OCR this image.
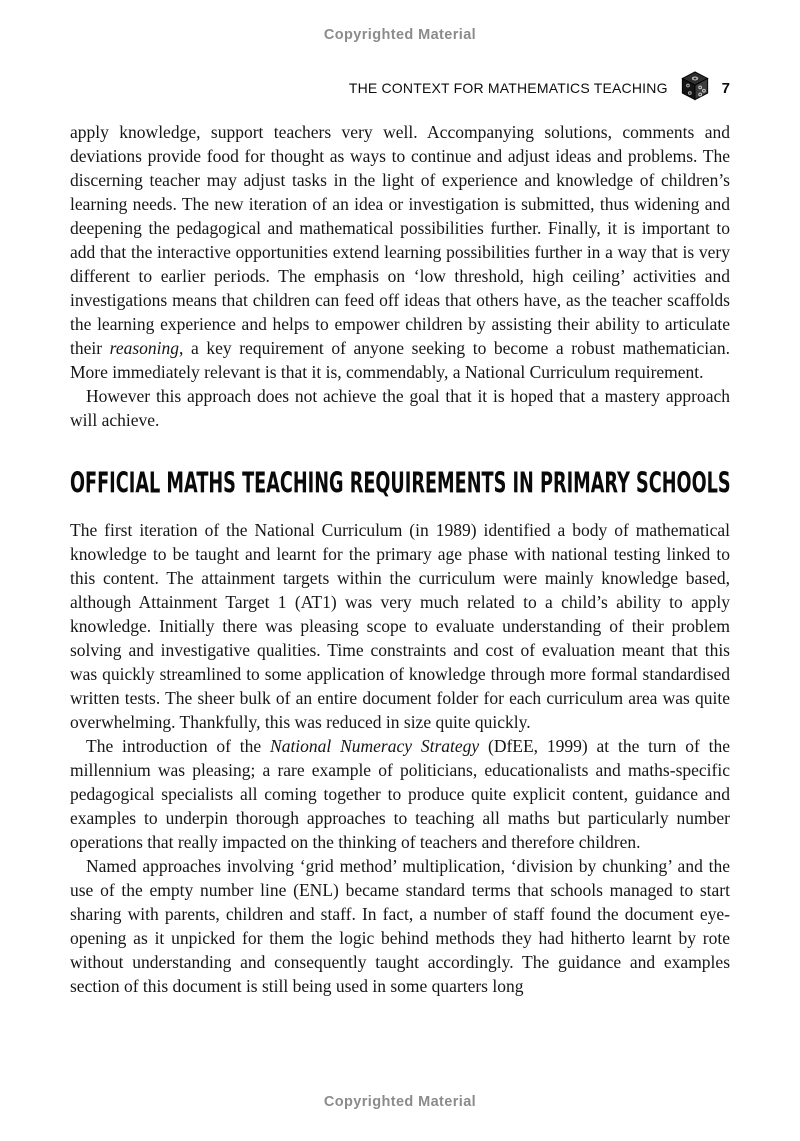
Copyrighted Material
THE CONTEXT FOR MATHEMATICS TEACHING	7

apply knowledge, support teachers very well. Accompanying solutions, comments and deviations provide food for thought as ways to continue and adjust ideas and problems. The discerning teacher may adjust tasks in the light of experience and knowledge of children’s learning needs. The new iteration of an idea or investigation is submitted, thus widening and deepening the pedagogical and mathematical possibilities further. Finally, it is important to add that the interactive opportunities extend learning possibilities further in a way that is very different to earlier periods. The emphasis on ‘low threshold, high ceiling’ activities and investigations means that children can feed off ideas that others have, as the teacher scaffolds the learning experience and helps to empower children by assisting their ability to articulate their reasoning, a key requirement of anyone seeking to become a robust mathematician. More immediately relevant is that it is, commendably, a National Curriculum requirement.

However this approach does not achieve the goal that it is hoped that a mastery approach will achieve.

OFFICIAL MATHS TEACHING REQUIREMENTS IN PRIMARY SCHOOLS

The first iteration of the National Curriculum (in 1989) identified a body of mathematical knowledge to be taught and learnt for the primary age phase with national testing linked to this content. The attainment targets within the curriculum were mainly knowledge based, although Attainment Target 1 (AT1) was very much related to a child’s ability to apply knowledge. Initially there was pleasing scope to evaluate understanding of their problem solving and investigative qualities. Time constraints and cost of evaluation meant that this was quickly streamlined to some application of knowledge through more formal standardised written tests. The sheer bulk of an entire document folder for each curriculum area was quite overwhelming. Thankfully, this was reduced in size quite quickly.

The introduction of the National Numeracy Strategy (DfEE, 1999) at the turn of the millennium was pleasing; a rare example of politicians, educationalists and maths-specific pedagogical specialists all coming together to produce quite explicit content, guidance and examples to underpin thorough approaches to teaching all maths but particularly number operations that really impacted on the thinking of teachers and therefore children.

Named approaches involving ‘grid method’ multiplication, ‘division by chunking’ and the use of the empty number line (ENL) became standard terms that schools managed to start sharing with parents, children and staff. In fact, a number of staff found the document eye-opening as it unpicked for them the logic behind methods they had hitherto learnt by rote without understanding and consequently taught accordingly. The guidance and examples section of this document is still being used in some quarters long

Copyrighted Material
